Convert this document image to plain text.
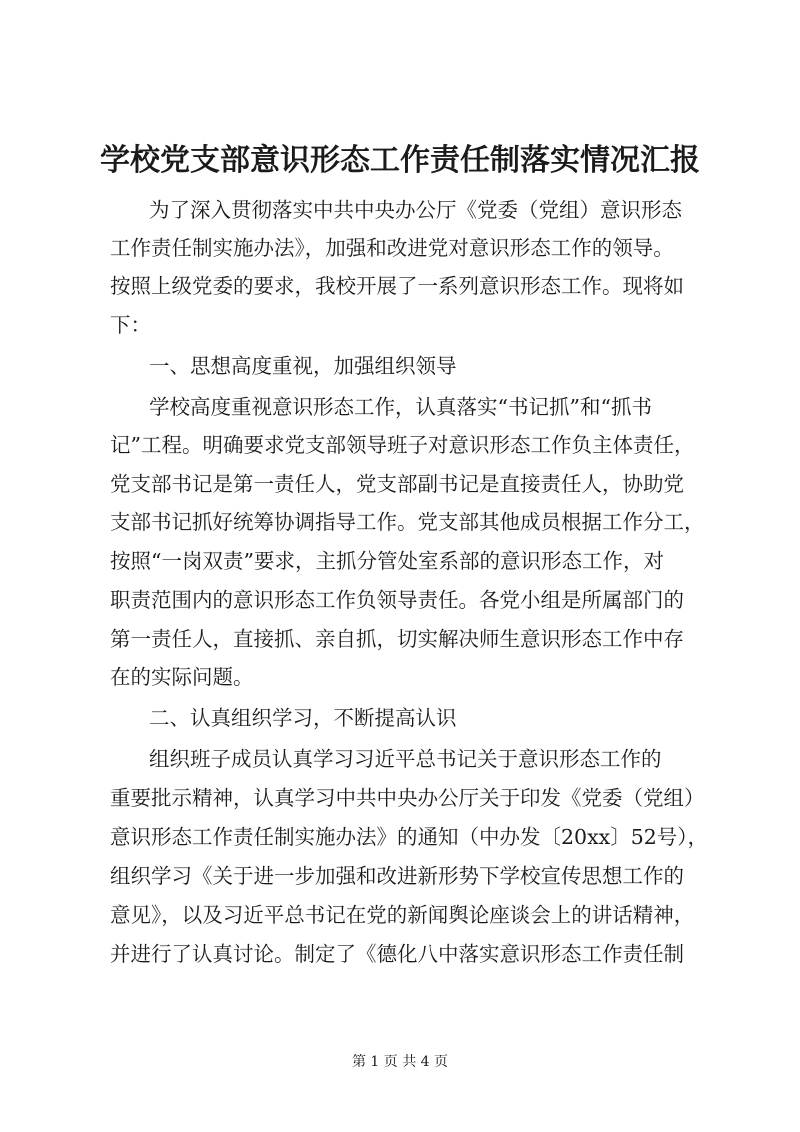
学校党支部意识形态工作责任制落实情况汇报

为了深入贯彻落实中共中央办公厅《党委（党组）意识形态

工作责任制实施办法》，加强和改进党对意识形态工作的领导。

按照上级党委的要求，我校开展了一系列意识形态工作。现将如

下：

一、思想高度重视，加强组织领导

学校高度重视意识形态工作，认真落实“书记抓”和“抓书

记”工程。明确要求党支部领导班子对意识形态工作负主体责任，

党支部书记是第一责任人，党支部副书记是直接责任人，协助党

支部书记抓好统筹协调指导工作。党支部其他成员根据工作分工，

按照“一岗双责”要求，主抓分管处室系部的意识形态工作，对

职责范围内的意识形态工作负领导责任。各党小组是所属部门的

第一责任人，直接抓、亲自抓，切实解决师生意识形态工作中存

在的实际问题。

二、认真组织学习，不断提高认识

组织班子成员认真学习习近平总书记关于意识形态工作的

重要批示精神，认真学习中共中央办公厅关于印发《党委（党组）

意识形态工作责任制实施办法》的通知（中办发〔20xx〕52号），

组织学习《关于进一步加强和改进新形势下学校宣传思想工作的

意见》，以及习近平总书记在党的新闻舆论座谈会上的讲话精神，

并进行了认真讨论。制定了《德化八中落实意识形态工作责任制

第 1 页 共 4 页
